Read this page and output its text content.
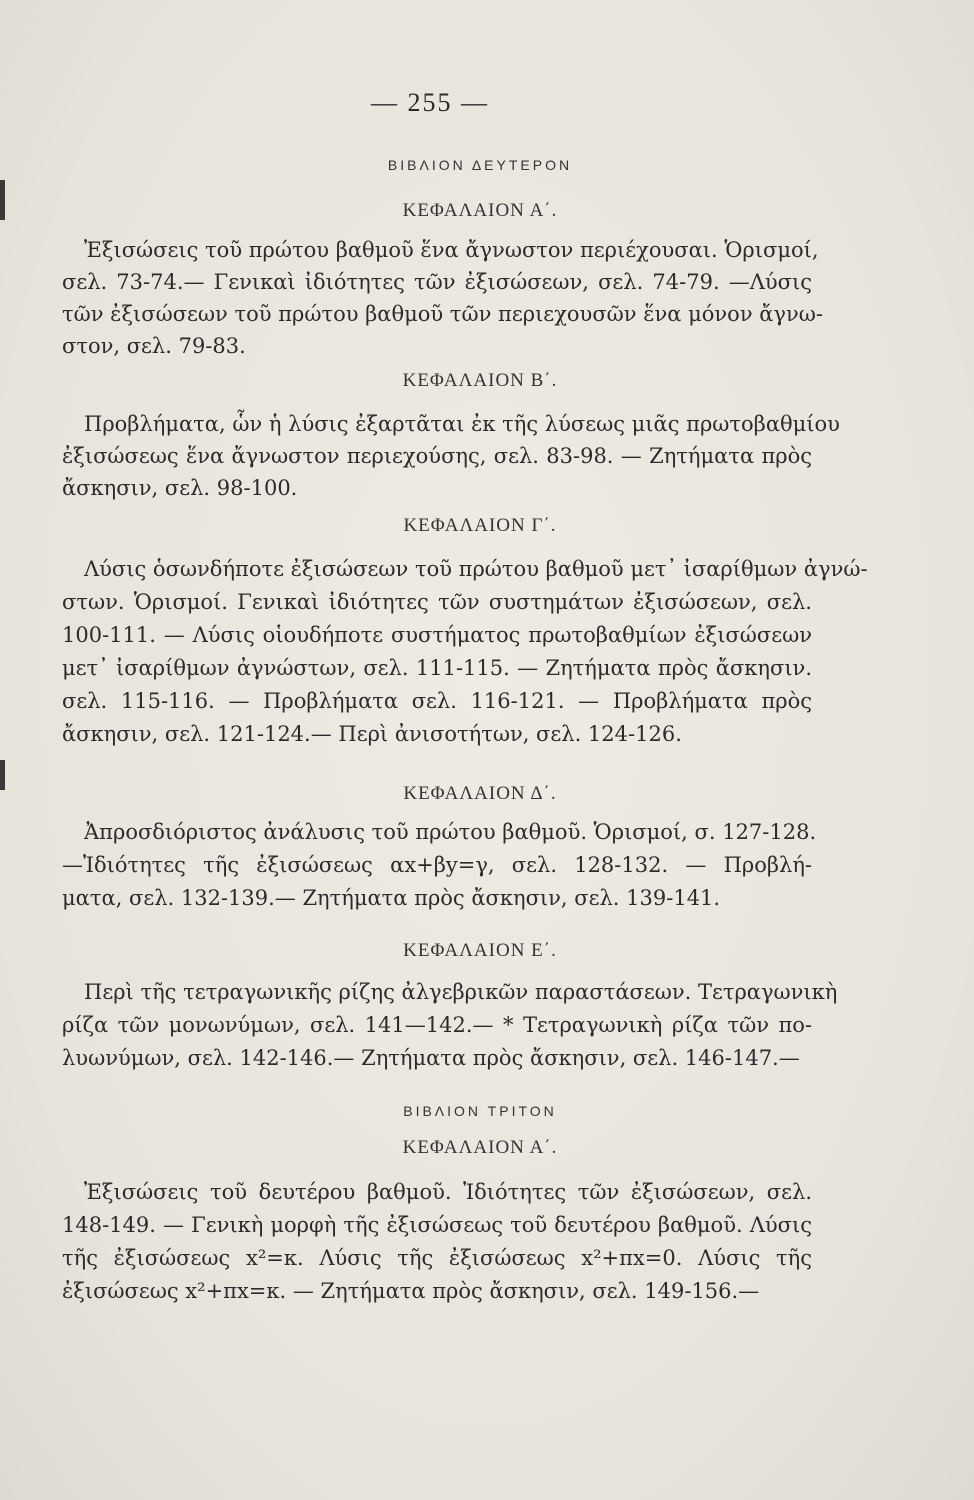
— 255 —
ΒΙΒΛΙΟΝ ΔΕΥΤΕΡΟΝ
ΚΕΦΑΛΑΙΟΝ Α΄.
Ἐξισώσεις τοῦ πρώτου βαθμοῦ ἕνα ἄγνωστον περιέχουσαι. Ὁρισμοί,
σελ. 73-74.— Γενικαὶ ἰδιότητες τῶν ἐξισώσεων, σελ. 74-79. —Λύσις
τῶν ἐξισώσεων τοῦ πρώτου βαθμοῦ τῶν περιεχουσῶν ἕνα μόνον ἄγνω-
στον, σελ. 79-83.
ΚΕΦΑΛΑΙΟΝ Β΄.
Προβλήματα, ὧν ἡ λύσις ἐξαρτᾶται ἐκ τῆς λύσεως μιᾶς πρωτοβαθμίου
ἐξισώσεως ἕνα ἄγνωστον περιεχούσης, σελ. 83-98. — Ζητήματα πρὸς
ἄσκησιν, σελ. 98-100.
ΚΕΦΑΛΑΙΟΝ Γ΄.
Λύσις ὁσωνδήποτε ἐξισώσεων τοῦ πρώτου βαθμοῦ μετ᾽ ἰσαρίθμων ἀγνώ-
στων. Ὁρισμοί. Γενικαὶ ἰδιότητες τῶν συστημάτων ἐξισώσεων, σελ.
100-111. — Λύσις οἱουδήποτε συστήματος πρωτοβαθμίων ἐξισώσεων
μετ᾽ ἰσαρίθμων ἀγνώστων, σελ. 111-115. — Ζητήματα πρὸς ἄσκησιν.
σελ. 115-116. — Προβλήματα σελ. 116-121. — Προβλήματα πρὸς
ἄσκησιν, σελ. 121-124.— Περὶ ἀνισοτήτων, σελ. 124-126.
ΚΕΦΑΛΑΙΟΝ Δ΄.
Ἀπροσδιόριστος ἀνάλυσις τοῦ πρώτου βαθμοῦ. Ὁρισμοί, σ. 127-128.
—Ἰδιότητες τῆς ἐξισώσεως αx+βy=γ, σελ. 128-132. — Προβλή-
ματα, σελ. 132-139.— Ζητήματα πρὸς ἄσκησιν, σελ. 139-141.
ΚΕΦΑΛΑΙΟΝ Ε΄.
Περὶ τῆς τετραγωνικῆς ρίζης ἀλγεβρικῶν παραστάσεων. Τετραγωνικὴ
ρίζα τῶν μονωνύμων, σελ. 141—142.— * Τετραγωνικὴ ρίζα τῶν πο-
λυωνύμων, σελ. 142-146.— Ζητήματα πρὸς ἄσκησιν, σελ. 146-147.—
ΒΙΒΛΙΟΝ ΤΡΙΤΟΝ
ΚΕΦΑΛΑΙΟΝ Α΄.
Ἐξισώσεις τοῦ δευτέρου βαθμοῦ. Ἰδιότητες τῶν ἐξισώσεων, σελ.
148-149. — Γενικὴ μορφὴ τῆς ἐξισώσεως τοῦ δευτέρου βαθμοῦ. Λύσις
τῆς ἐξισώσεως x²=κ. Λύσις τῆς ἐξισώσεως x²+πx=0. Λύσις τῆς
ἐξισώσεως x²+πx=κ. — Ζητήματα πρὸς ἄσκησιν, σελ. 149-156.—
